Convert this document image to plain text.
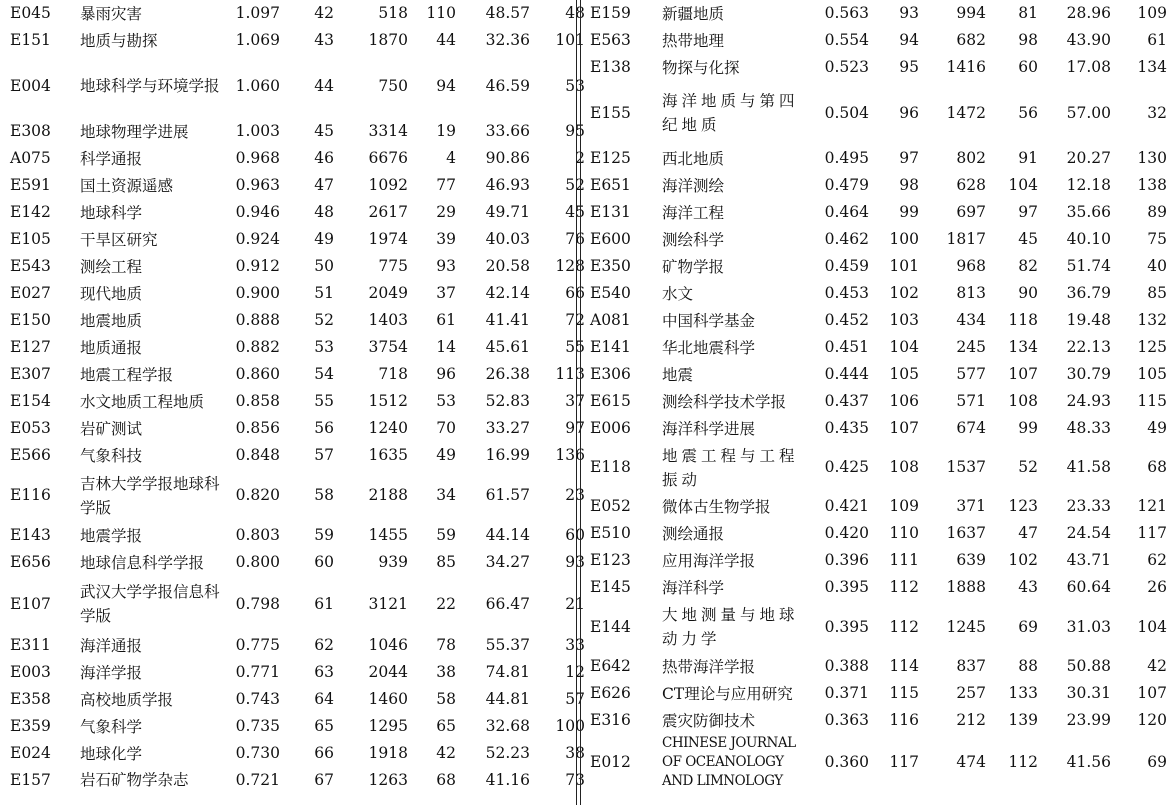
E045	暴雨灾害	1.097	42	518	110	48.57	48
E151	地质与勘探	1.069	43	1870	44	32.36	101
E004	地球科学与环境学报	1.060	44	750	94	46.59	53
E308	地球物理学进展	1.003	45	3314	19	33.66	95
A075	科学通报	0.968	46	6676	4	90.86	2
E591	国土资源遥感	0.963	47	1092	77	46.93	52
E142	地球科学	0.946	48	2617	29	49.71	45
E105	干旱区研究	0.924	49	1974	39	40.03	76
E543	测绘工程	0.912	50	775	93	20.58	128
E027	现代地质	0.900	51	2049	37	42.14	66
E150	地震地质	0.888	52	1403	61	41.41	72
E127	地质通报	0.882	53	3754	14	45.61	55
E307	地震工程学报	0.860	54	718	96	26.38	113
E154	水文地质工程地质	0.858	55	1512	53	52.83	37
E053	岩矿测试	0.856	56	1240	70	33.27	97
E566	气象科技	0.848	57	1635	49	16.99	136
E116	吉林大学学报地球科学版	0.820	58	2188	34	61.57	23
E143	地震学报	0.803	59	1455	59	44.14	60
E656	地球信息科学学报	0.800	60	939	85	34.27	93
E107	武汉大学学报信息科学版	0.798	61	3121	22	66.47	21
E311	海洋通报	0.775	62	1046	78	55.37	33
E003	海洋学报	0.771	63	2044	38	74.81	12
E358	高校地质学报	0.743	64	1460	58	44.81	57
E359	气象科学	0.735	65	1295	65	32.68	100
E024	地球化学	0.730	66	1918	42	52.23	38
E157	岩石矿物学杂志	0.721	67	1263	68	41.16	73
E159	新疆地质	0.563	93	994	81	28.96	109
E563	热带地理	0.554	94	682	98	43.90	61
E138	物探与化探	0.523	95	1416	60	17.08	134
E155	海洋地质与第四纪地质	0.504	96	1472	56	57.00	32
E125	西北地质	0.495	97	802	91	20.27	130
E651	海洋测绘	0.479	98	628	104	12.18	138
E131	海洋工程	0.464	99	697	97	35.66	89
E600	测绘科学	0.462	100	1817	45	40.10	75
E350	矿物学报	0.459	101	968	82	51.74	40
E540	水文	0.453	102	813	90	36.79	85
A081	中国科学基金	0.452	103	434	118	19.48	132
E141	华北地震科学	0.451	104	245	134	22.13	125
E306	地震	0.444	105	577	107	30.79	105
E615	测绘科学技术学报	0.437	106	571	108	24.93	115
E006	海洋科学进展	0.435	107	674	99	48.33	49
E118	地震工程与工程振动	0.425	108	1537	52	41.58	68
E052	微体古生物学报	0.421	109	371	123	23.33	121
E510	测绘通报	0.420	110	1637	47	24.54	117
E123	应用海洋学报	0.396	111	639	102	43.71	62
E145	海洋科学	0.395	112	1888	43	60.64	26
E144	大地测量与地球动力学	0.395	112	1245	69	31.03	104
E642	热带海洋学报	0.388	114	837	88	50.88	42
E626	CT理论与应用研究	0.371	115	257	133	30.31	107
E316	震灾防御技术	0.363	116	212	139	23.99	120
E012	CHINESE JOURNAL OF OCEANOLOGY AND LIMNOLOGY	0.360	117	474	112	41.56	69
